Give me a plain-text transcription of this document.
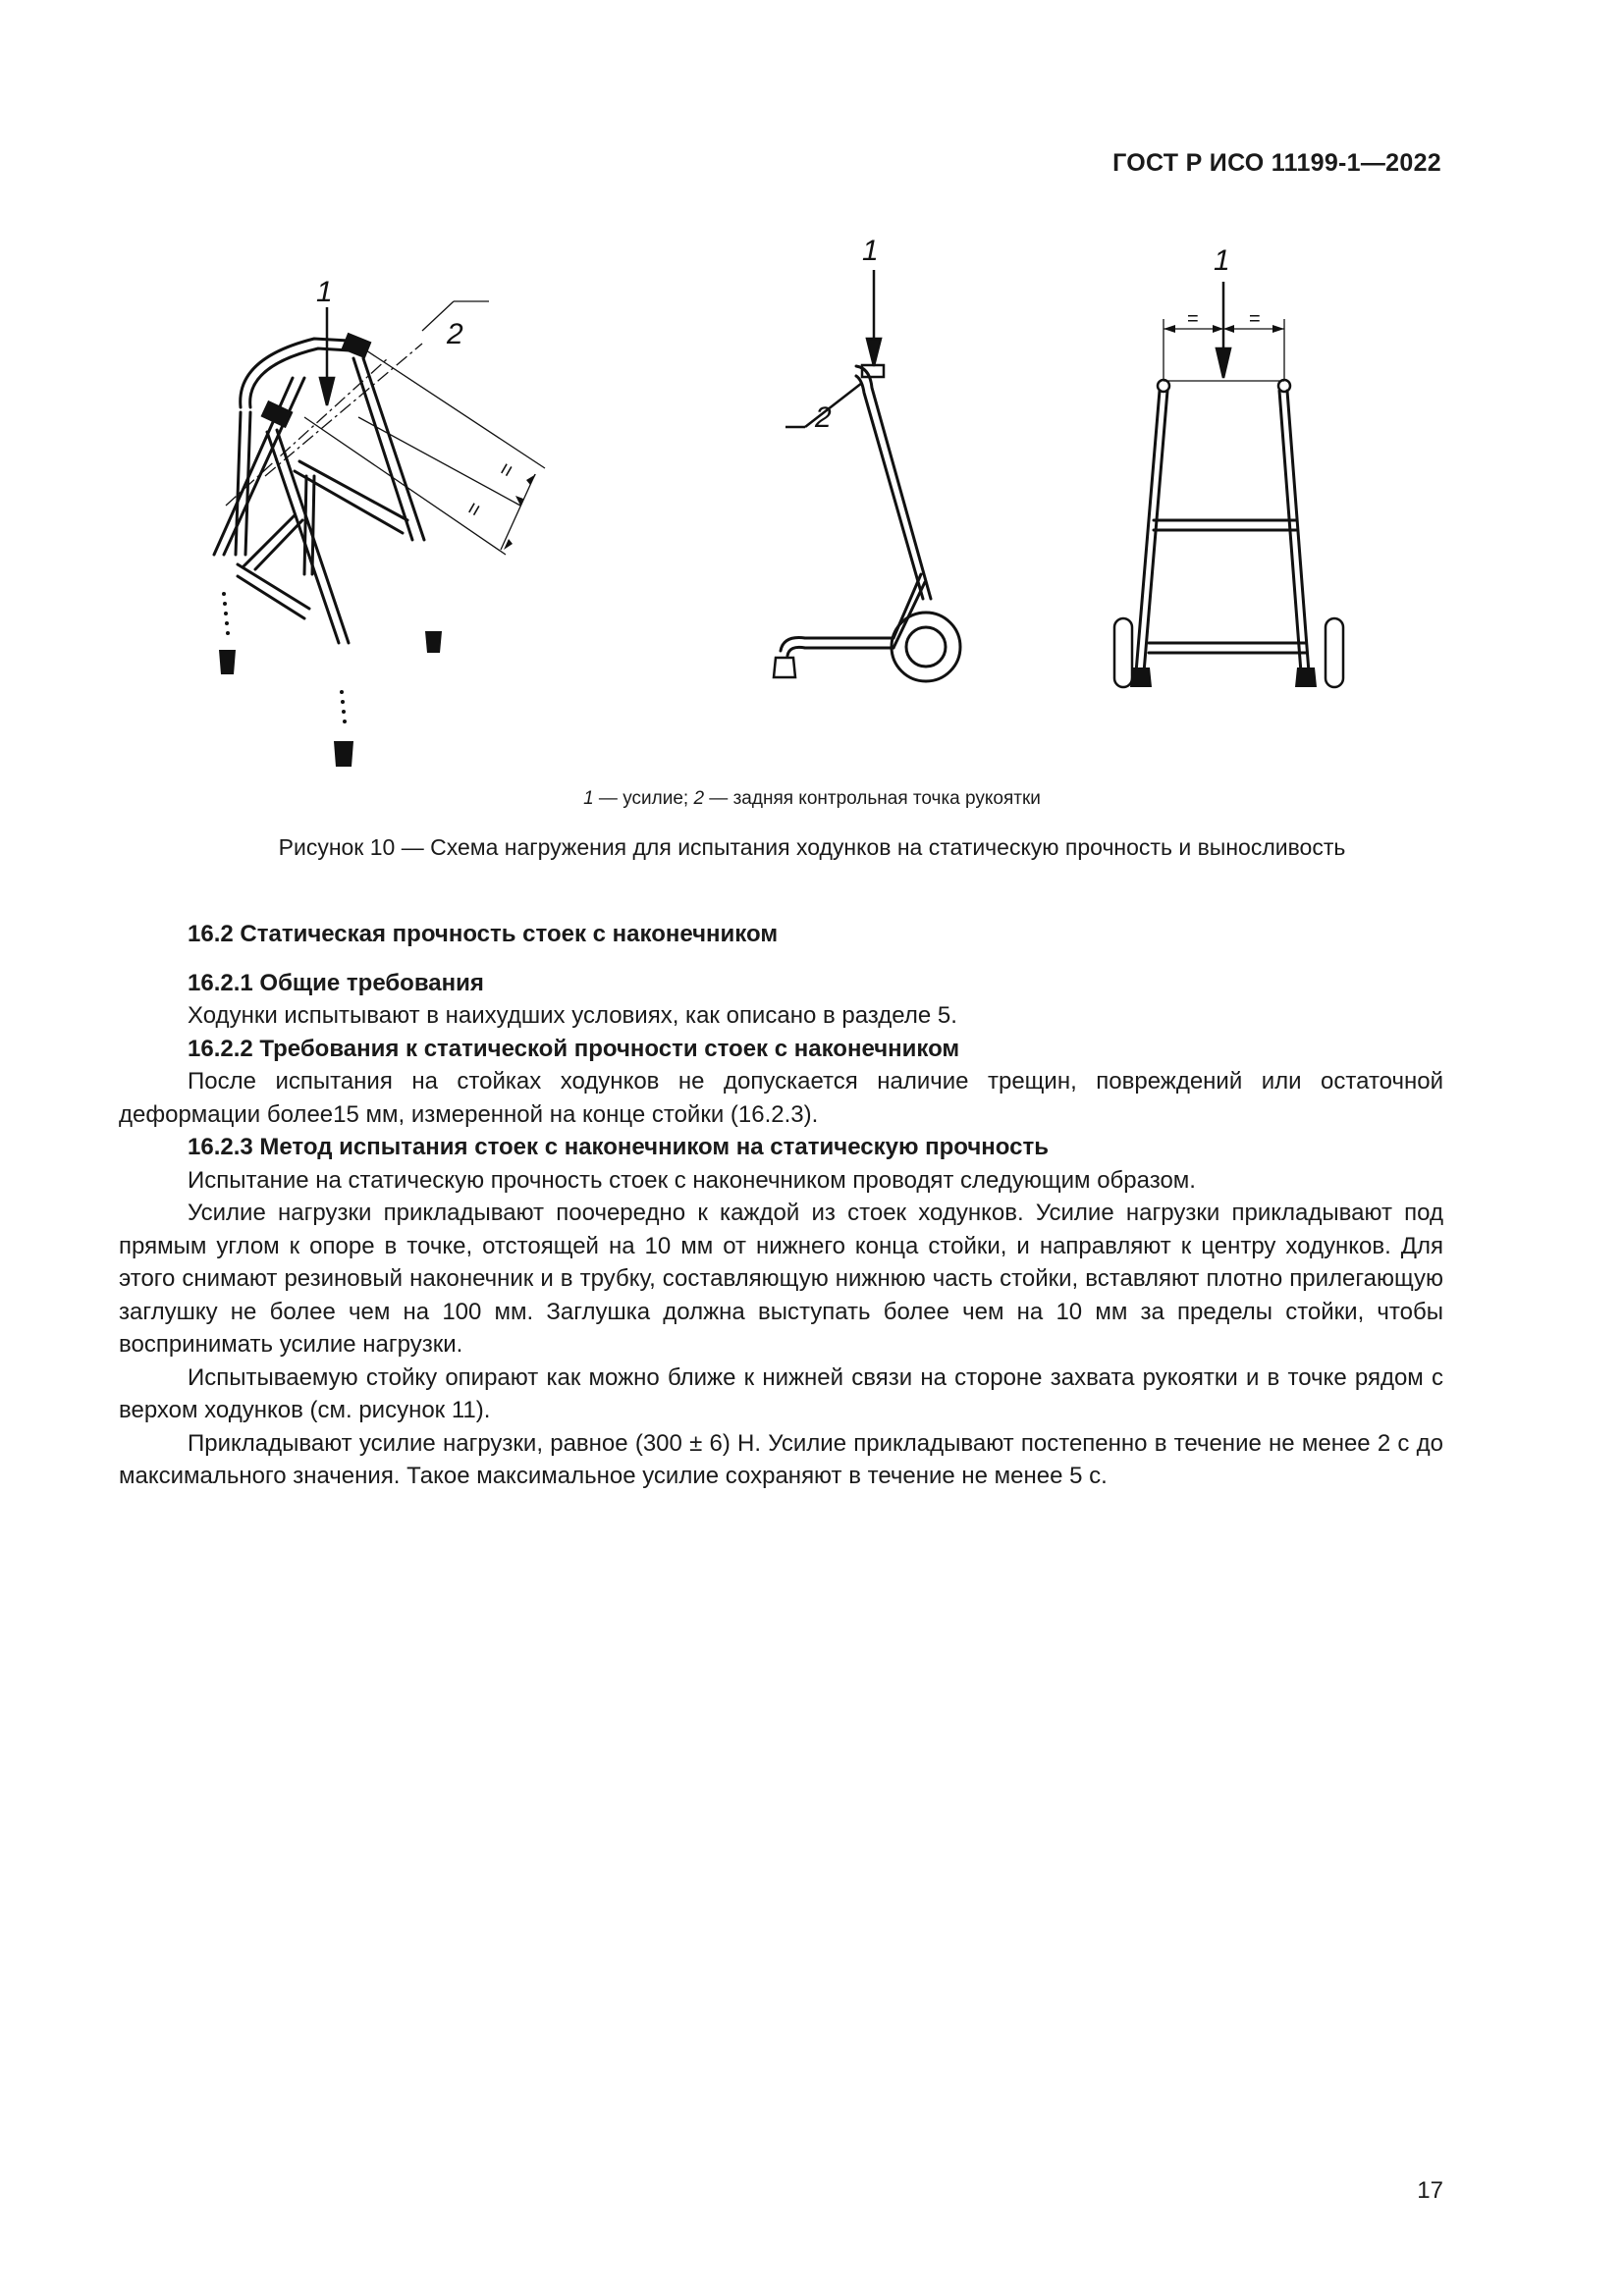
ГОСТ Р ИСО 11199-1—2022
1
2
=
=
1
2
1
=	=
1 — усилие; 2 — задняя контрольная точка рукоятки
Рисунок 10 — Схема нагружения для испытания ходунков на статическую прочность и выносливость
16.2 Статическая прочность стоек с наконечником
16.2.1 Общие требования

Ходунки испытывают в наихудших условиях, как описано в разделе 5.

16.2.2 Требования к статической прочности стоек с наконечником

После испытания на стойках ходунков не допускается наличие трещин, повреждений или остаточной деформации более15 мм, измеренной на конце стойки (16.2.3).

16.2.3 Метод испытания стоек с наконечником на статическую прочность

Испытание на статическую прочность стоек с наконечником проводят следующим образом.

Усилие нагрузки прикладывают поочередно к каждой из стоек ходунков. Усилие нагрузки прикладывают под прямым углом к опоре в точке, отстоящей на 10 мм от нижнего конца стойки, и направляют к центру ходунков. Для этого снимают резиновый наконечник и в трубку, составляющую нижнюю часть стойки, вставляют плотно прилегающую заглушку не более чем на 100 мм. Заглушка должна выступать более чем на 10 мм за пределы стойки, чтобы воспринимать усилие нагрузки.

Испытываемую стойку опирают как можно ближе к нижней связи на стороне захвата рукоятки и в точке рядом с верхом ходунков (см. рисунок 11).

Прикладывают усилие нагрузки, равное (300 ± 6) Н. Усилие прикладывают постепенно в течение не менее 2 с до максимального значения. Такое максимальное усилие сохраняют в течение не менее 5 с.

17
